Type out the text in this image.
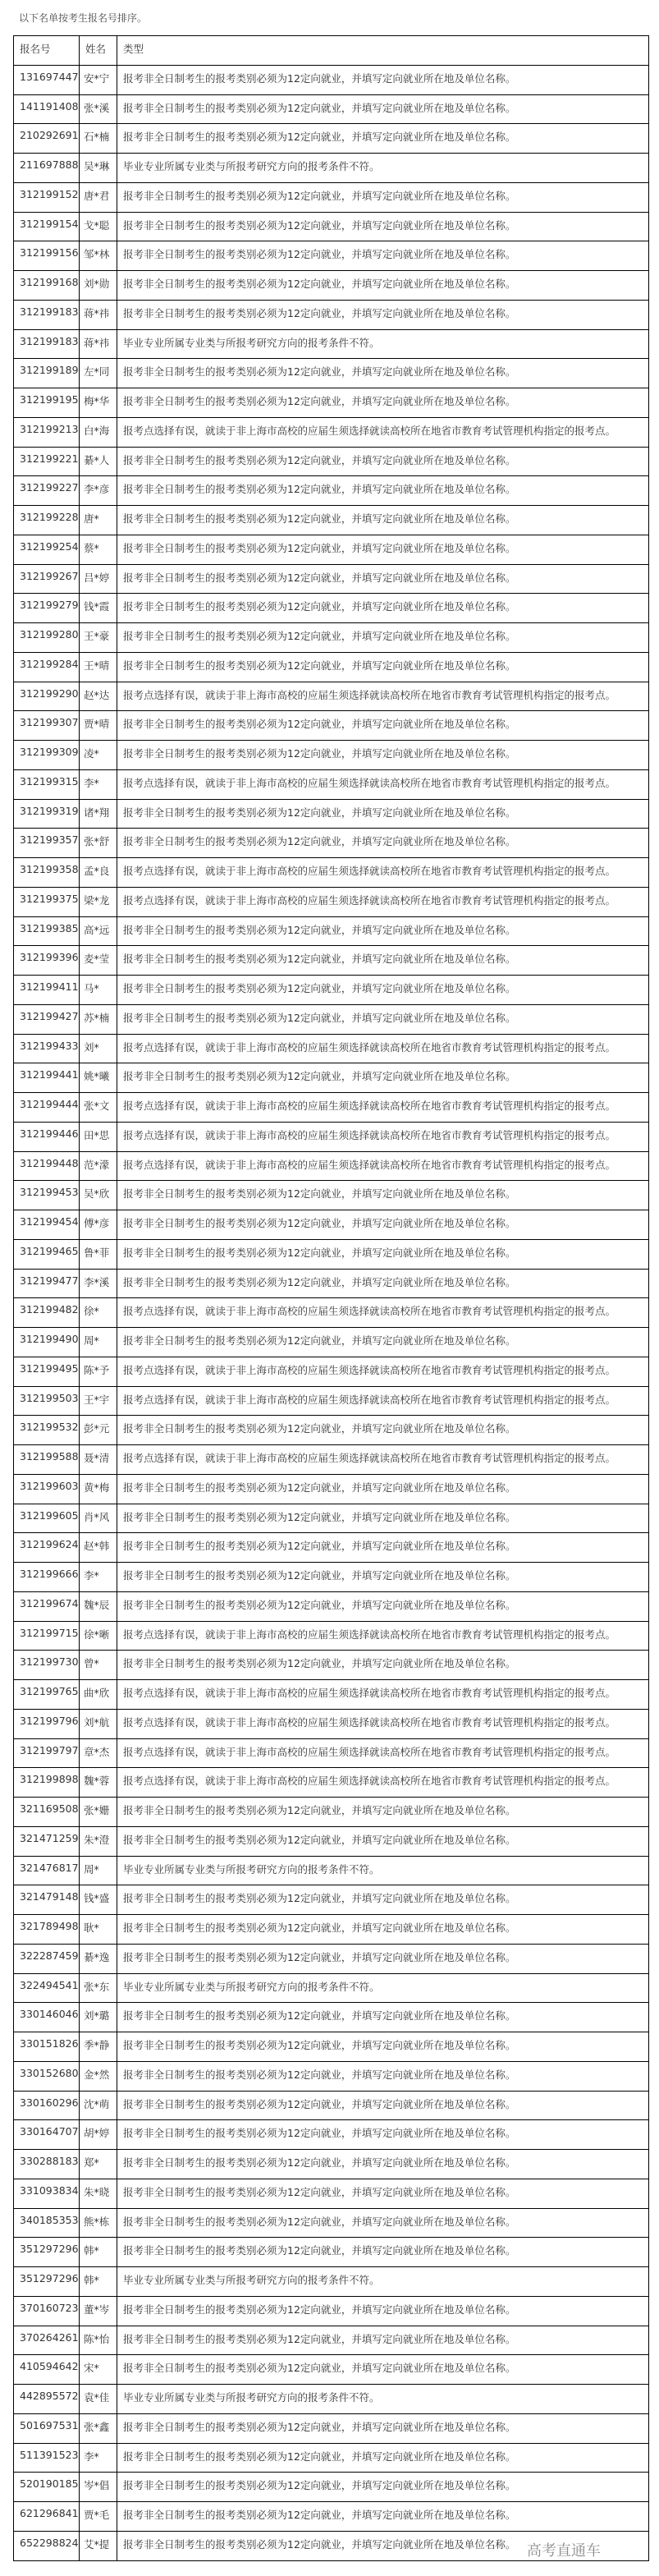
以下名单按考生报名号排序。
报名号	姓名	类型
131697447	安*宁	报考非全日制考生的报考类别必须为12定向就业，并填写定向就业所在地及单位名称。
141191408	张*溪	报考非全日制考生的报考类别必须为12定向就业，并填写定向就业所在地及单位名称。
210292691	石*楠	报考非全日制考生的报考类别必须为12定向就业，并填写定向就业所在地及单位名称。
211697888	吴*琳	毕业专业所属专业类与所报考研究方向的报考条件不符。
312199152	唐*君	报考非全日制考生的报考类别必须为12定向就业，并填写定向就业所在地及单位名称。
312199154	戈*聪	报考非全日制考生的报考类别必须为12定向就业，并填写定向就业所在地及单位名称。
312199156	邹*林	报考非全日制考生的报考类别必须为12定向就业，并填写定向就业所在地及单位名称。
312199168	刘*勋	报考非全日制考生的报考类别必须为12定向就业，并填写定向就业所在地及单位名称。
312199183	蒋*祎	报考非全日制考生的报考类别必须为12定向就业，并填写定向就业所在地及单位名称。
312199183	蒋*祎	毕业专业所属专业类与所报考研究方向的报考条件不符。
312199189	左*同	报考非全日制考生的报考类别必须为12定向就业，并填写定向就业所在地及单位名称。
312199195	梅*华	报考非全日制考生的报考类别必须为12定向就业，并填写定向就业所在地及单位名称。
312199213	白*海	报考点选择有误，就读于非上海市高校的应届生须选择就读高校所在地省市教育考试管理机构指定的报考点。
312199221	綦*人	报考非全日制考生的报考类别必须为12定向就业，并填写定向就业所在地及单位名称。
312199227	李*彦	报考非全日制考生的报考类别必须为12定向就业，并填写定向就业所在地及单位名称。
312199228	唐*	报考非全日制考生的报考类别必须为12定向就业，并填写定向就业所在地及单位名称。
312199254	蔡*	报考非全日制考生的报考类别必须为12定向就业，并填写定向就业所在地及单位名称。
312199267	吕*婷	报考非全日制考生的报考类别必须为12定向就业，并填写定向就业所在地及单位名称。
312199279	钱*霞	报考非全日制考生的报考类别必须为12定向就业，并填写定向就业所在地及单位名称。
312199280	王*豪	报考非全日制考生的报考类别必须为12定向就业，并填写定向就业所在地及单位名称。
312199284	王*晴	报考非全日制考生的报考类别必须为12定向就业，并填写定向就业所在地及单位名称。
312199290	赵*达	报考点选择有误，就读于非上海市高校的应届生须选择就读高校所在地省市教育考试管理机构指定的报考点。
312199307	贾*晴	报考非全日制考生的报考类别必须为12定向就业，并填写定向就业所在地及单位名称。
312199309	凌*	报考非全日制考生的报考类别必须为12定向就业，并填写定向就业所在地及单位名称。
312199315	李*	报考点选择有误，就读于非上海市高校的应届生须选择就读高校所在地省市教育考试管理机构指定的报考点。
312199319	诸*翔	报考非全日制考生的报考类别必须为12定向就业，并填写定向就业所在地及单位名称。
312199357	张*舒	报考非全日制考生的报考类别必须为12定向就业，并填写定向就业所在地及单位名称。
312199358	孟*良	报考点选择有误，就读于非上海市高校的应届生须选择就读高校所在地省市教育考试管理机构指定的报考点。
312199375	梁*龙	报考点选择有误，就读于非上海市高校的应届生须选择就读高校所在地省市教育考试管理机构指定的报考点。
312199385	高*远	报考非全日制考生的报考类别必须为12定向就业，并填写定向就业所在地及单位名称。
312199396	麦*莹	报考非全日制考生的报考类别必须为12定向就业，并填写定向就业所在地及单位名称。
312199411	马*	报考非全日制考生的报考类别必须为12定向就业，并填写定向就业所在地及单位名称。
312199427	苏*楠	报考非全日制考生的报考类别必须为12定向就业，并填写定向就业所在地及单位名称。
312199433	刘*	报考点选择有误，就读于非上海市高校的应届生须选择就读高校所在地省市教育考试管理机构指定的报考点。
312199441	姚*曦	报考非全日制考生的报考类别必须为12定向就业，并填写定向就业所在地及单位名称。
312199444	张*文	报考点选择有误，就读于非上海市高校的应届生须选择就读高校所在地省市教育考试管理机构指定的报考点。
312199446	田*思	报考点选择有误，就读于非上海市高校的应届生须选择就读高校所在地省市教育考试管理机构指定的报考点。
312199448	范*濛	报考点选择有误，就读于非上海市高校的应届生须选择就读高校所在地省市教育考试管理机构指定的报考点。
312199453	吴*欣	报考非全日制考生的报考类别必须为12定向就业，并填写定向就业所在地及单位名称。
312199454	傅*彦	报考非全日制考生的报考类别必须为12定向就业，并填写定向就业所在地及单位名称。
312199465	鲁*菲	报考非全日制考生的报考类别必须为12定向就业，并填写定向就业所在地及单位名称。
312199477	李*溪	报考非全日制考生的报考类别必须为12定向就业，并填写定向就业所在地及单位名称。
312199482	徐*	报考点选择有误，就读于非上海市高校的应届生须选择就读高校所在地省市教育考试管理机构指定的报考点。
312199490	周*	报考非全日制考生的报考类别必须为12定向就业，并填写定向就业所在地及单位名称。
312199495	陈*予	报考点选择有误，就读于非上海市高校的应届生须选择就读高校所在地省市教育考试管理机构指定的报考点。
312199503	王*宇	报考点选择有误，就读于非上海市高校的应届生须选择就读高校所在地省市教育考试管理机构指定的报考点。
312199532	彭*元	报考非全日制考生的报考类别必须为12定向就业，并填写定向就业所在地及单位名称。
312199588	聂*清	报考点选择有误，就读于非上海市高校的应届生须选择就读高校所在地省市教育考试管理机构指定的报考点。
312199603	黄*梅	报考非全日制考生的报考类别必须为12定向就业，并填写定向就业所在地及单位名称。
312199605	肖*风	报考非全日制考生的报考类别必须为12定向就业，并填写定向就业所在地及单位名称。
312199624	赵*韩	报考非全日制考生的报考类别必须为12定向就业，并填写定向就业所在地及单位名称。
312199666	李*	报考非全日制考生的报考类别必须为12定向就业，并填写定向就业所在地及单位名称。
312199674	魏*辰	报考非全日制考生的报考类别必须为12定向就业，并填写定向就业所在地及单位名称。
312199715	徐*晰	报考点选择有误，就读于非上海市高校的应届生须选择就读高校所在地省市教育考试管理机构指定的报考点。
312199730	曾*	报考非全日制考生的报考类别必须为12定向就业，并填写定向就业所在地及单位名称。
312199765	曲*欣	报考点选择有误，就读于非上海市高校的应届生须选择就读高校所在地省市教育考试管理机构指定的报考点。
312199796	刘*航	报考点选择有误，就读于非上海市高校的应届生须选择就读高校所在地省市教育考试管理机构指定的报考点。
312199797	章*杰	报考点选择有误，就读于非上海市高校的应届生须选择就读高校所在地省市教育考试管理机构指定的报考点。
312199898	魏*蓉	报考点选择有误，就读于非上海市高校的应届生须选择就读高校所在地省市教育考试管理机构指定的报考点。
321169508	张*姗	报考非全日制考生的报考类别必须为12定向就业，并填写定向就业所在地及单位名称。
321471259	朱*澄	报考非全日制考生的报考类别必须为12定向就业，并填写定向就业所在地及单位名称。
321476817	周*	毕业专业所属专业类与所报考研究方向的报考条件不符。
321479148	钱*盛	报考非全日制考生的报考类别必须为12定向就业，并填写定向就业所在地及单位名称。
321789498	耿*	报考非全日制考生的报考类别必须为12定向就业，并填写定向就业所在地及单位名称。
322287459	綦*逸	报考非全日制考生的报考类别必须为12定向就业，并填写定向就业所在地及单位名称。
322494541	张*东	毕业专业所属专业类与所报考研究方向的报考条件不符。
330146046	刘*璐	报考非全日制考生的报考类别必须为12定向就业，并填写定向就业所在地及单位名称。
330151826	季*静	报考非全日制考生的报考类别必须为12定向就业，并填写定向就业所在地及单位名称。
330152680	金*然	报考非全日制考生的报考类别必须为12定向就业，并填写定向就业所在地及单位名称。
330160296	沈*萌	报考非全日制考生的报考类别必须为12定向就业，并填写定向就业所在地及单位名称。
330164707	胡*婷	报考非全日制考生的报考类别必须为12定向就业，并填写定向就业所在地及单位名称。
330288183	郑*	报考非全日制考生的报考类别必须为12定向就业，并填写定向就业所在地及单位名称。
331093834	朱*晓	报考非全日制考生的报考类别必须为12定向就业，并填写定向就业所在地及单位名称。
340185353	熊*栋	报考非全日制考生的报考类别必须为12定向就业，并填写定向就业所在地及单位名称。
351297296	韩*	报考非全日制考生的报考类别必须为12定向就业，并填写定向就业所在地及单位名称。
351297296	韩*	毕业专业所属专业类与所报考研究方向的报考条件不符。
370160723	董*岑	报考非全日制考生的报考类别必须为12定向就业，并填写定向就业所在地及单位名称。
370264261	陈*怡	报考非全日制考生的报考类别必须为12定向就业，并填写定向就业所在地及单位名称。
410594642	宋*	报考非全日制考生的报考类别必须为12定向就业，并填写定向就业所在地及单位名称。
442895572	袁*佳	毕业专业所属专业类与所报考研究方向的报考条件不符。
501697531	张*鑫	报考非全日制考生的报考类别必须为12定向就业，并填写定向就业所在地及单位名称。
511391523	李*	报考非全日制考生的报考类别必须为12定向就业，并填写定向就业所在地及单位名称。
520190185	岑*倡	报考非全日制考生的报考类别必须为12定向就业，并填写定向就业所在地及单位名称。
621296841	贾*毛	报考非全日制考生的报考类别必须为12定向就业，并填写定向就业所在地及单位名称。
652298824	艾*提	报考非全日制考生的报考类别必须为12定向就业，并填写定向就业所在地及单位名称。 高考直通车
